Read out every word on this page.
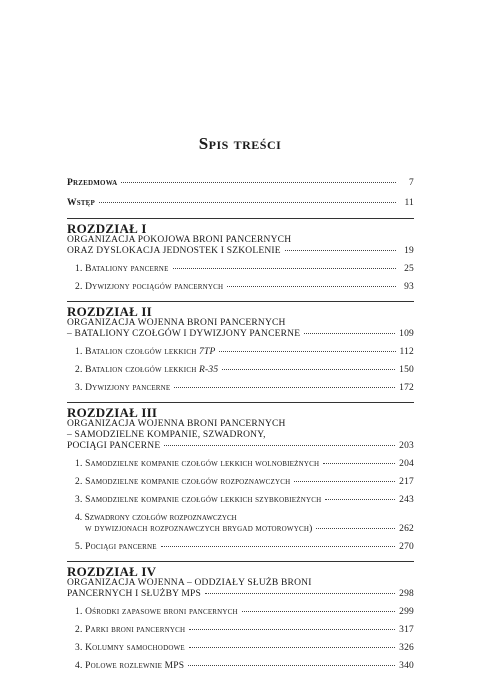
Spis treści
Przedmowa	7
Wstęp	11
ROZDZIAŁ I
ORGANIZACJA POKOJOWA BRONI PANCERNYCH
ORAZ DYSLOKACJA JEDNOSTEK I SZKOLENIE	19
1. Bataliony pancerne	25
2. Dywizjony pociągów pancernych	93
ROZDZIAŁ II
ORGANIZACJA WOJENNA BRONI PANCERNYCH
– BATALIONY CZOŁGÓW I DYWIZJONY PANCERNE	109
1. Batalion czołgów lekkich 7TP	112
2. Batalion czołgów lekkich R-35	150
3. Dywizjony pancerne	172
ROZDZIAŁ III
ORGANIZACJA WOJENNA BRONI PANCERNYCH
– SAMODZIELNE KOMPANIE, SZWADRONY,
POCIĄGI PANCERNE	203
1. Samodzielne kompanie czołgów lekkich wolnobieżnych	204
2. Samodzielne kompanie czołgów rozpoznawczych	217
3. Samodzielne kompanie czołgów lekkich szybkobieżnych	243
4. Szwadrony czołgów rozpoznawczych
w dywizjonach rozpoznawczych brygad motorowych)	262
5. Pociągi pancerne	270
ROZDZIAŁ IV
ORGANIZACJA WOJENNA – ODDZIAŁY SŁUŻB BRONI
PANCERNYCH I SŁUŻBY MPS	298
1. Ośrodki zapasowe broni pancernych	299
2. Parki broni pancernych	317
3. Kolumny samochodowe	326
4. Polowe rozlewnie MPS	340
